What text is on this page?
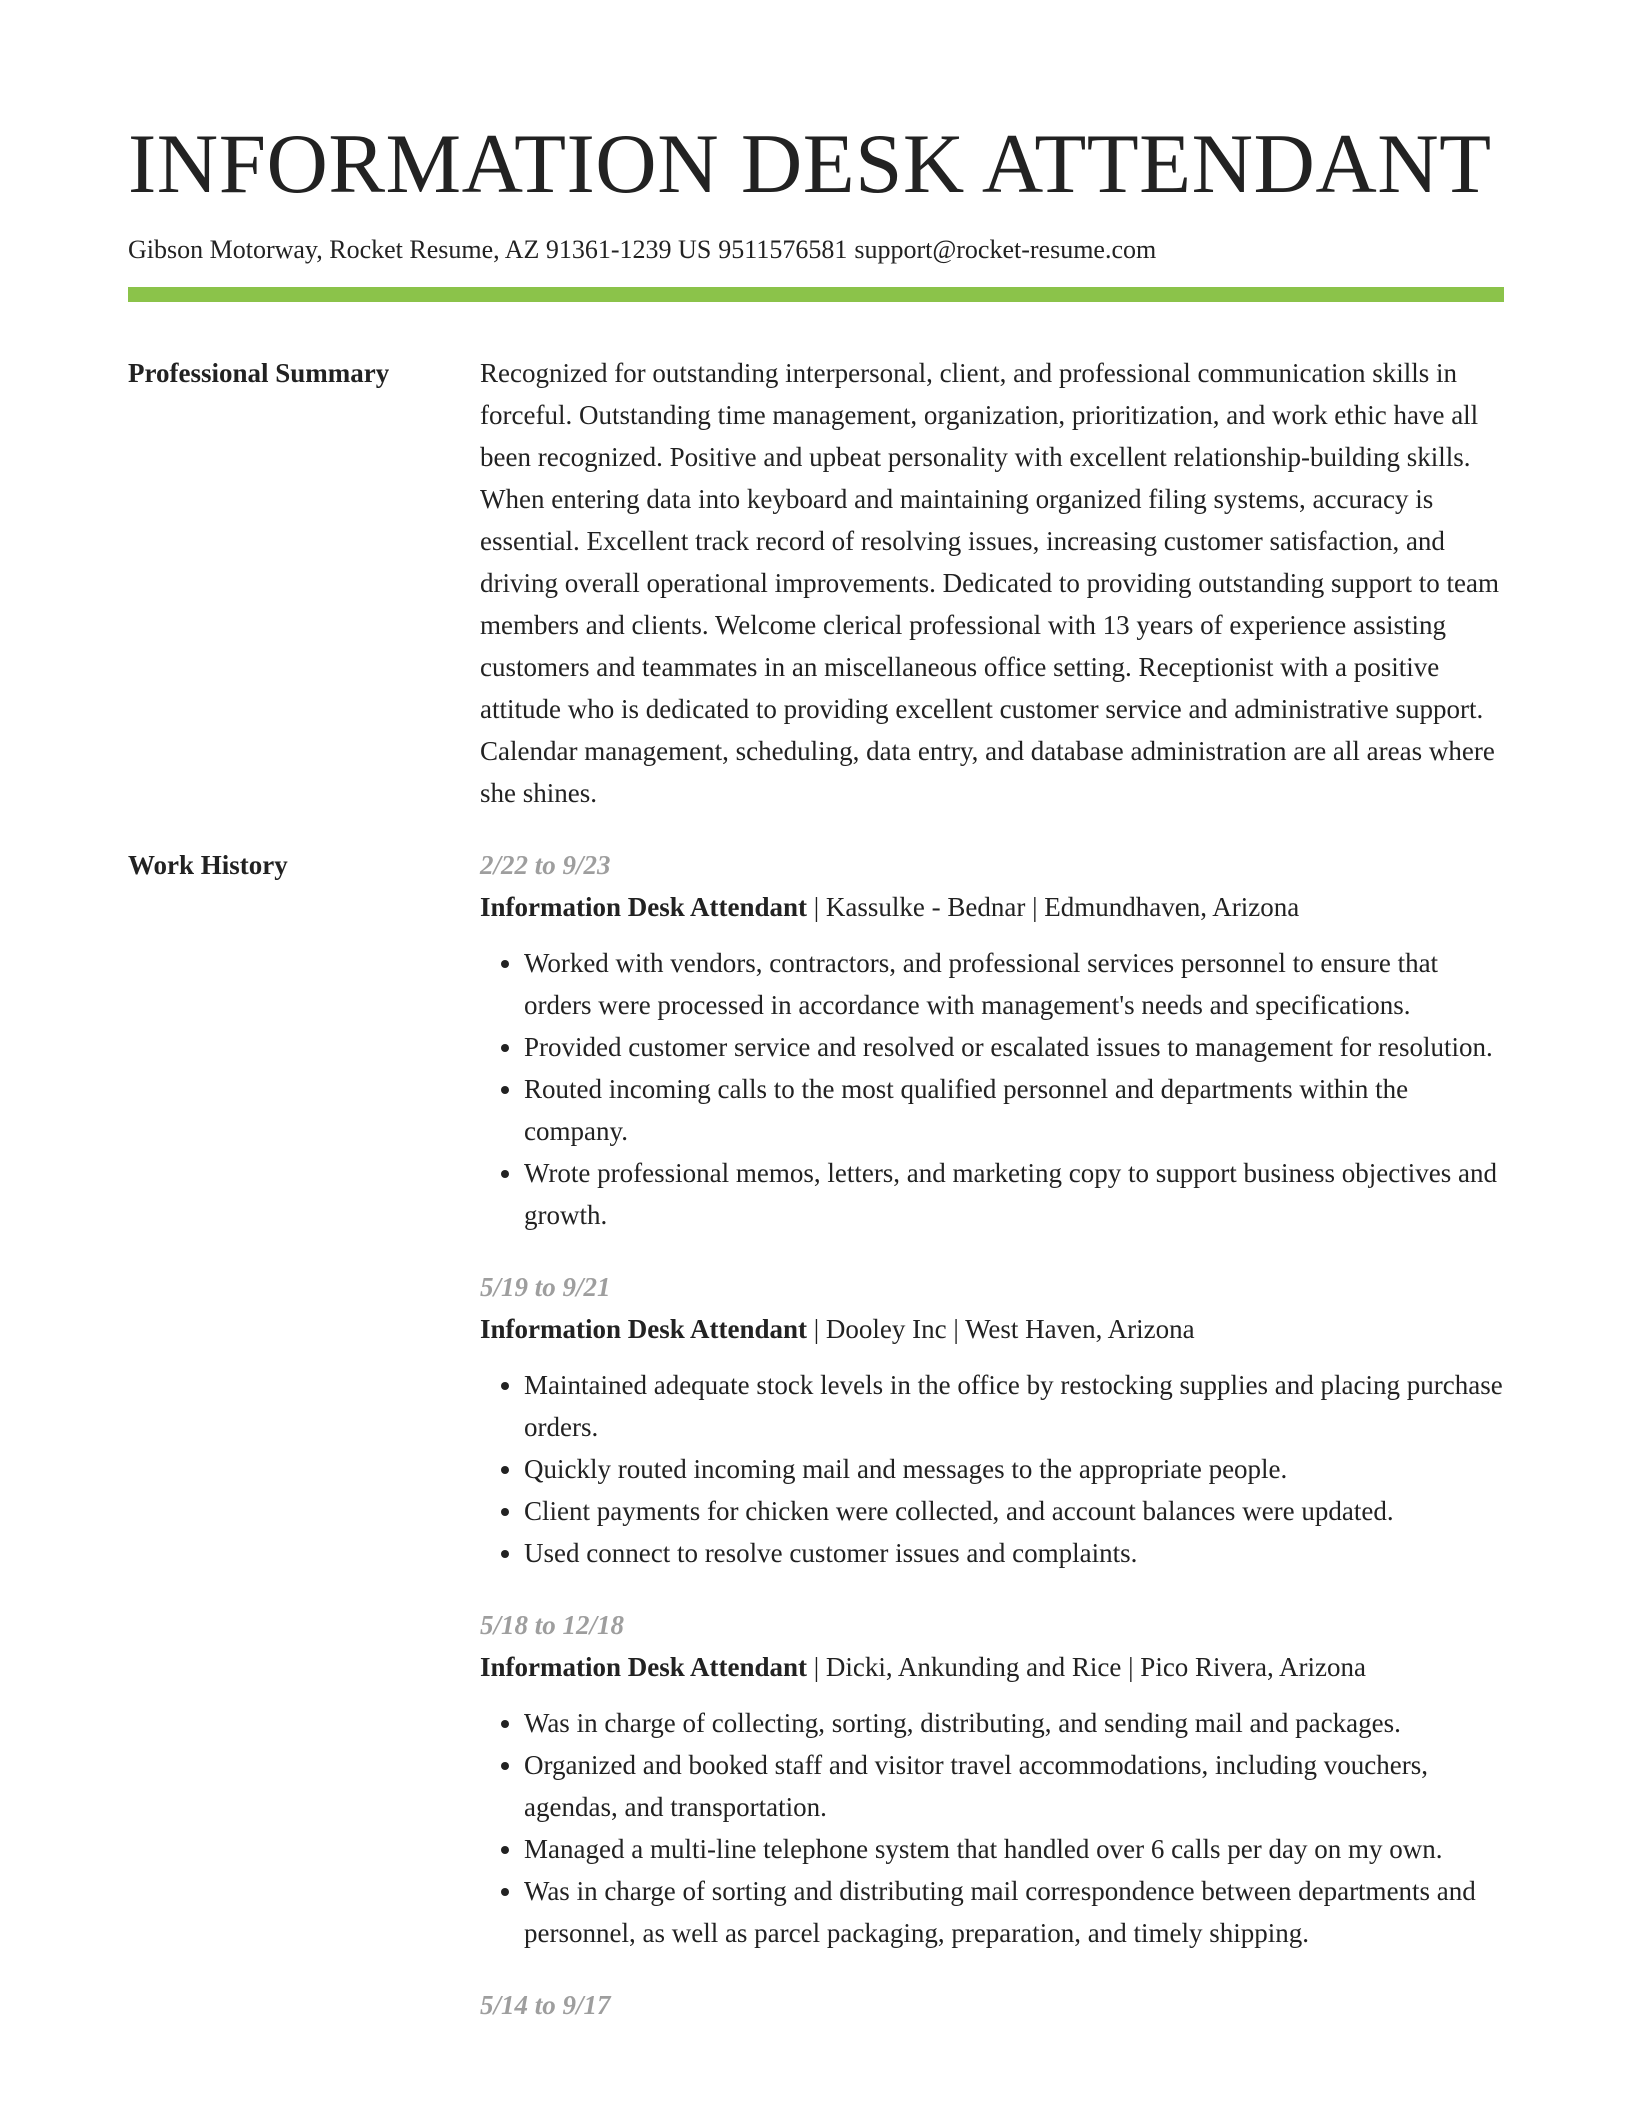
INFORMATION DESK ATTENDANT
Gibson Motorway, Rocket Resume, AZ 91361-1239 US 9511576581 support@rocket-resume.com
Professional Summary	Recognized for outstanding interpersonal, client, and professional communication skills in forceful. Outstanding time management, organization, prioritization, and work ethic have all been recognized. Positive and upbeat personality with excellent relationship-building skills. When entering data into keyboard and maintaining organized filing systems, accuracy is essential. Excellent track record of resolving issues, increasing customer satisfaction, and driving overall operational improvements. Dedicated to providing outstanding support to team members and clients. Welcome clerical professional with 13 years of experience assisting customers and teammates in an miscellaneous office setting. Receptionist with a positive attitude who is dedicated to providing excellent customer service and administrative support. Calendar management, scheduling, data entry, and database administration are all areas where she shines.
Work History	2/22 to 9/23
Information Desk Attendant | Kassulke - Bednar | Edmundhaven, Arizona
• Worked with vendors, contractors, and professional services personnel to ensure that orders were processed in accordance with management's needs and specifications.
• Provided customer service and resolved or escalated issues to management for resolution.
• Routed incoming calls to the most qualified personnel and departments within the company.
• Wrote professional memos, letters, and marketing copy to support business objectives and growth.
5/19 to 9/21
Information Desk Attendant | Dooley Inc | West Haven, Arizona
• Maintained adequate stock levels in the office by restocking supplies and placing purchase orders.
• Quickly routed incoming mail and messages to the appropriate people.
• Client payments for chicken were collected, and account balances were updated.
• Used connect to resolve customer issues and complaints.
5/18 to 12/18
Information Desk Attendant | Dicki, Ankunding and Rice | Pico Rivera, Arizona
• Was in charge of collecting, sorting, distributing, and sending mail and packages.
• Organized and booked staff and visitor travel accommodations, including vouchers, agendas, and transportation.
• Managed a multi-line telephone system that handled over 6 calls per day on my own.
• Was in charge of sorting and distributing mail correspondence between departments and personnel, as well as parcel packaging, preparation, and timely shipping.
5/14 to 9/17
